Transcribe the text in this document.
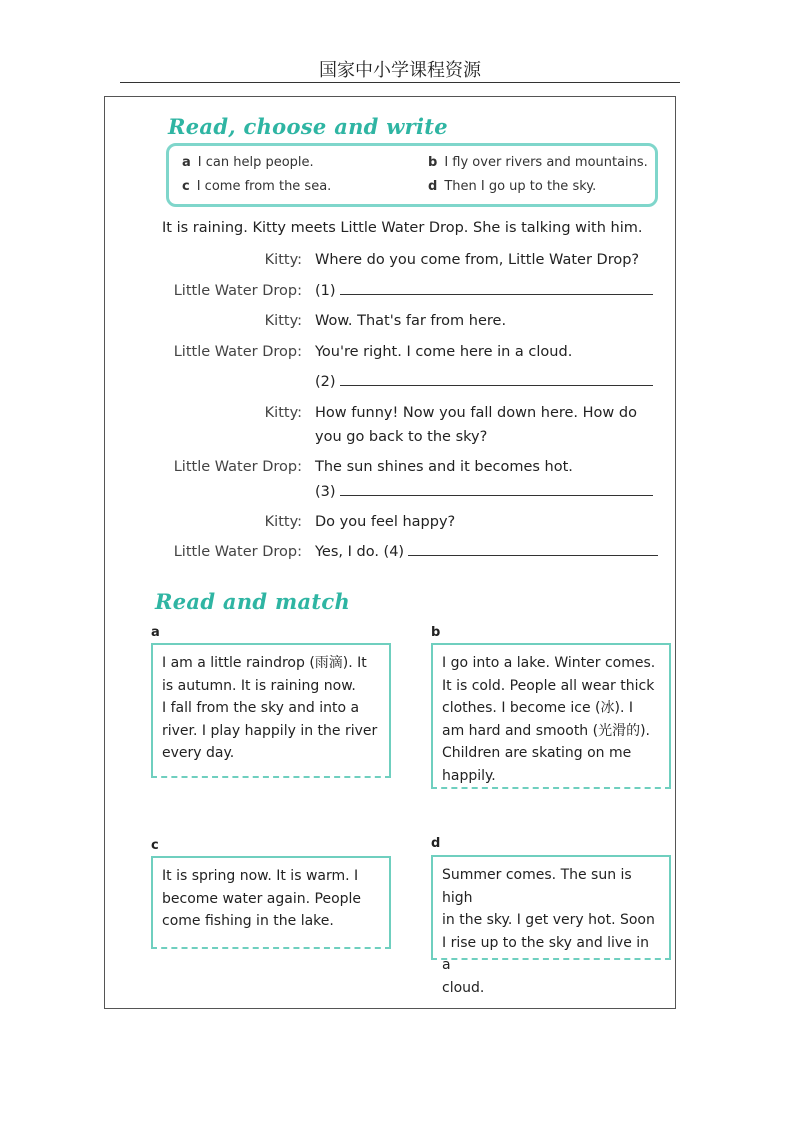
国家中小学课程资源
Read, choose and write
a I can help people.	b I fly over rivers and mountains.
c I come from the sea.	d Then I go up to the sky.
It is raining. Kitty meets Little Water Drop. She is talking with him.
Kitty: Where do you come from, Little Water Drop?
Little Water Drop: (1)
Kitty: Wow. That's far from here.
Little Water Drop: You're right. I come here in a cloud.
(2)
Kitty: How funny! Now you fall down here. How do
you go back to the sky?
Little Water Drop: The sun shines and it becomes hot.
(3)
Kitty: Do you feel happy?
Little Water Drop: Yes, I do. (4)
Read and match
a
I am a little raindrop (雨滴). It
is autumn. It is raining now.
I fall from the sky and into a
river. I play happily in the river
every day.
b
I go into a lake. Winter comes.
It is cold. People all wear thick
clothes. I become ice (冰). I
am hard and smooth (光滑的).
Children are skating on me
happily.
c
It is spring now. It is warm. I
become water again. People
come fishing in the lake.
d
Summer comes. The sun is high
in the sky. I get very hot. Soon
I rise up to the sky and live in a
cloud.
